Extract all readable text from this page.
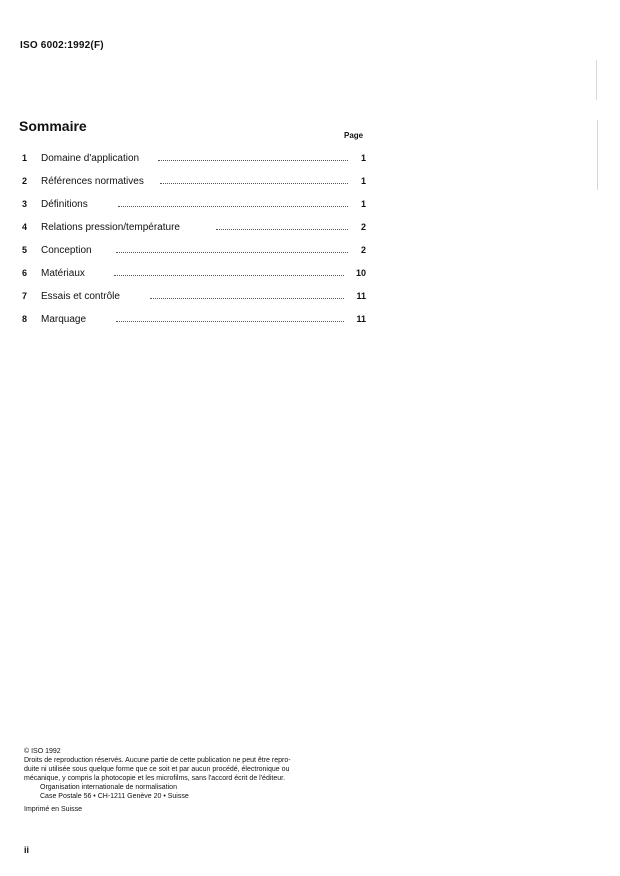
ISO 6002:1992(F)
Sommaire
Page
1 Domaine d'application	1
2 Références normatives	1
3 Définitions	1
4 Relations pression/température	2
5 Conception	2
6 Matériaux	10
7 Essais et contrôle	11
8 Marquage	11
© ISO 1992
Droits de reproduction réservés. Aucune partie de cette publication ne peut être repro-
duite ni utilisée sous quelque forme que ce soit et par aucun procédé, électronique ou
mécanique, y compris la photocopie et les microfilms, sans l'accord écrit de l'éditeur.
Organisation internationale de normalisation
Case Postale 56 • CH-1211 Genève 20 • Suisse
Imprimé en Suisse
ii
